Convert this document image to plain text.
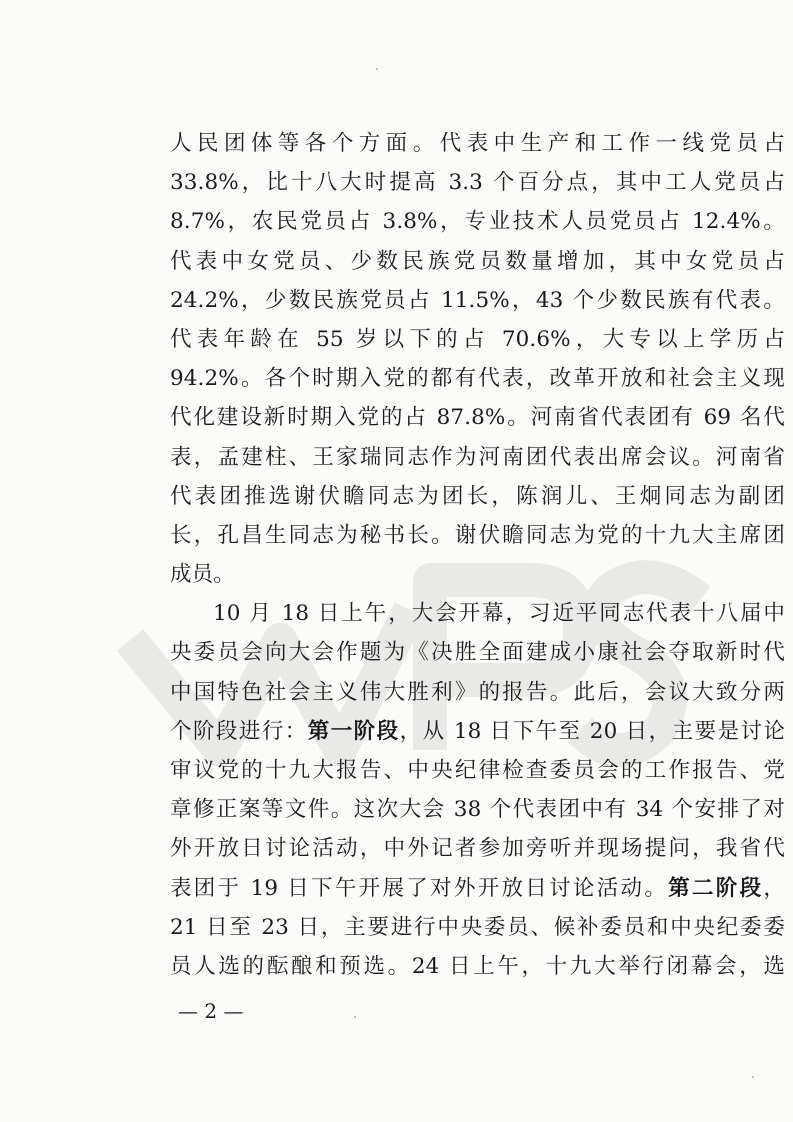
人民团体等各个方面。代表中生产和工作一线党员占
33.8%，比十八大时提高 3.3 个百分点，其中工人党员占
8.7%，农民党员占 3.8%，专业技术人员党员占 12.4%。
代表中女党员、少数民族党员数量增加，其中女党员占
24.2%，少数民族党员占 11.5%，43 个少数民族有代表。
代表年龄在 55 岁以下的占 70.6%，大专以上学历占
94.2%。各个时期入党的都有代表，改革开放和社会主义现
代化建设新时期入党的占 87.8%。河南省代表团有 69 名代
表，孟建柱、王家瑞同志作为河南团代表出席会议。河南省
代表团推选谢伏瞻同志为团长，陈润儿、王炯同志为副团
长，孔昌生同志为秘书长。谢伏瞻同志为党的十九大主席团
成员。
10 月 18 日上午，大会开幕，习近平同志代表十八届中
央委员会向大会作题为《决胜全面建成小康社会夺取新时代
中国特色社会主义伟大胜利》的报告。此后，会议大致分两
个阶段进行：第一阶段，从 18 日下午至 20 日，主要是讨论
审议党的十九大报告、中央纪律检查委员会的工作报告、党
章修正案等文件。这次大会 38 个代表团中有 34 个安排了对
外开放日讨论活动，中外记者参加旁听并现场提问，我省代
表团于 19 日下午开展了对外开放日讨论活动。第二阶段，
21 日至 23 日，主要进行中央委员、候补委员和中央纪委委
员人选的酝酿和预选。24 日上午，十九大举行闭幕会，选
— 2 —
